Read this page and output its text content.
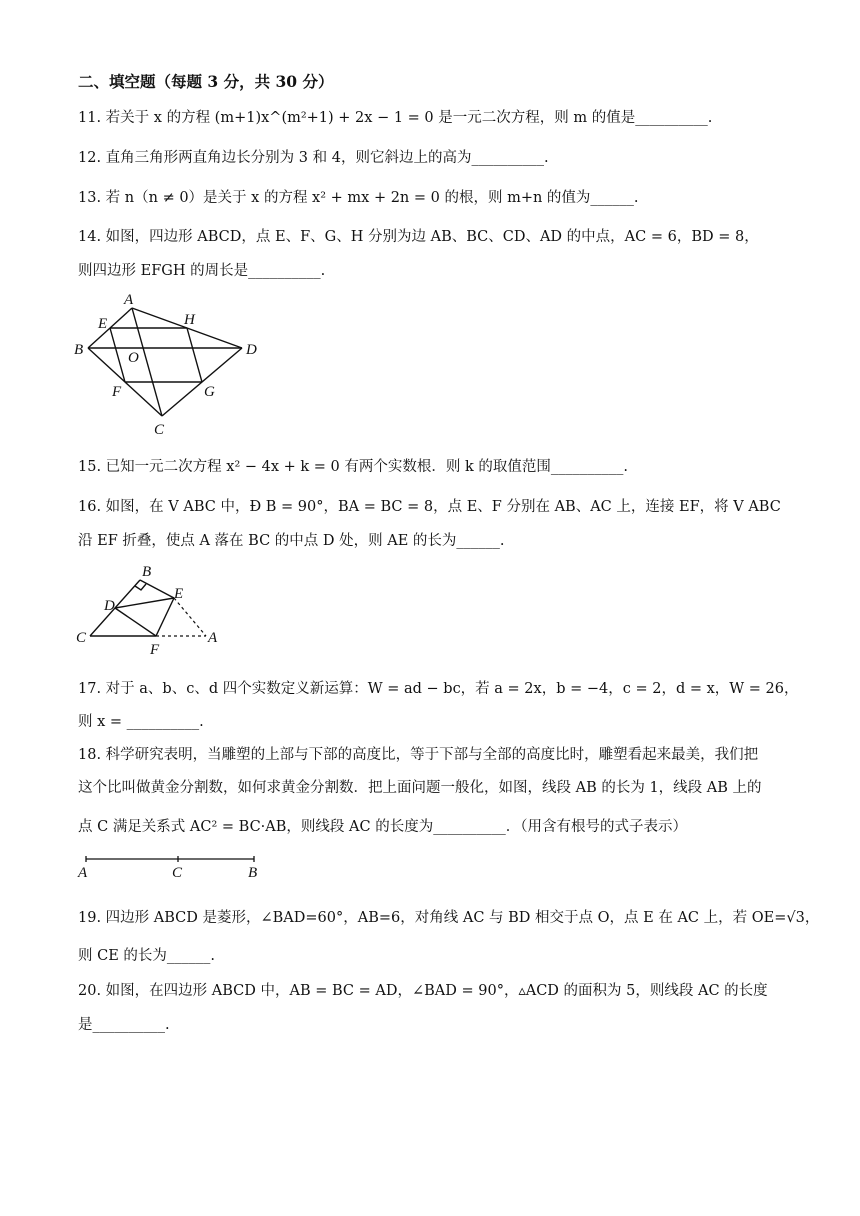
二、填空题（每题 3 分，共 30 分）
11. 若关于 x 的方程 (m+1)x^(m²+1) + 2x − 1 = 0 是一元二次方程，则 m 的值是__________.
12. 直角三角形两直角边长分别为 3 和 4，则它斜边上的高为__________.
13. 若 n（n ≠ 0）是关于 x 的方程 x² + mx + 2n = 0 的根，则 m+n 的值为______.
14. 如图，四边形 ABCD，点 E、F、G、H 分别为边 AB、BC、CD、AD 的中点，AC = 6，BD = 8，
则四边形 EFGH 的周长是__________.
A
B
C
D
E
F	G
H
O
15. 已知一元二次方程 x² − 4x + k = 0 有两个实数根．则 k 的取值范围__________.
16. 如图，在 V ABC 中，Ð B = 90°，BA = BC = 8，点 E、F 分别在 AB、AC 上，连接 EF，将 V ABC
沿 EF 折叠，使点 A 落在 BC 的中点 D 处，则 AE 的长为______.
B
C
D
E
F
A
17. 对于 a、b、c、d 四个实数定义新运算：W = ad − bc，若 a = 2x，b = −4，c = 2，d = x，W = 26，
则 x = __________.
18. 科学研究表明，当雕塑的上部与下部的高度比，等于下部与全部的高度比时，雕塑看起来最美，我们把
这个比叫做黄金分割数，如何求黄金分割数．把上面问题一般化，如图，线段 AB 的长为 1，线段 AB 上的
点 C 满足关系式 AC² = BC·AB，则线段 AC 的长度为__________．（用含有根号的式子表示）
A	C	B
19. 四边形 ABCD 是菱形，∠BAD=60°，AB=6，对角线 AC 与 BD 相交于点 O，点 E 在 AC 上，若 OE=√3，
则 CE 的长为______.
20. 如图，在四边形 ABCD 中，AB = BC = AD，∠BAD = 90°，▵ACD 的面积为 5，则线段 AC 的长度
是__________.
